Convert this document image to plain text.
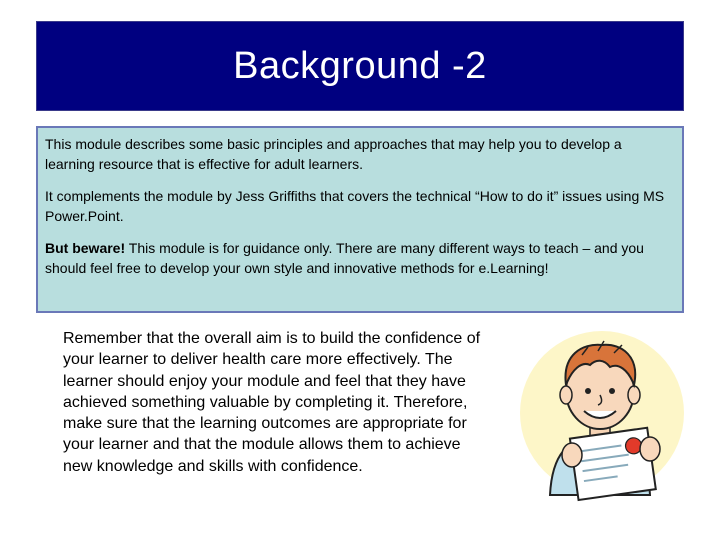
Background -2

This module describes some basic principles and approaches that may help you to develop a learning resource that is effective for adult learners.

It complements the module by Jess Griffiths that covers the technical “How to do it” issues using MS Power.Point.

But beware! This module is for guidance only. There are many different ways to teach – and you should feel free to develop your own style and innovative methods for e.Learning!

Remember that the overall aim is to build the confidence of your learner to deliver health care more effectively. The learner should enjoy your module and feel that they have achieved something valuable by completing it. Therefore, make sure that the learning outcomes are appropriate for your learner and that the module allows them to achieve new knowledge and skills with confidence.
